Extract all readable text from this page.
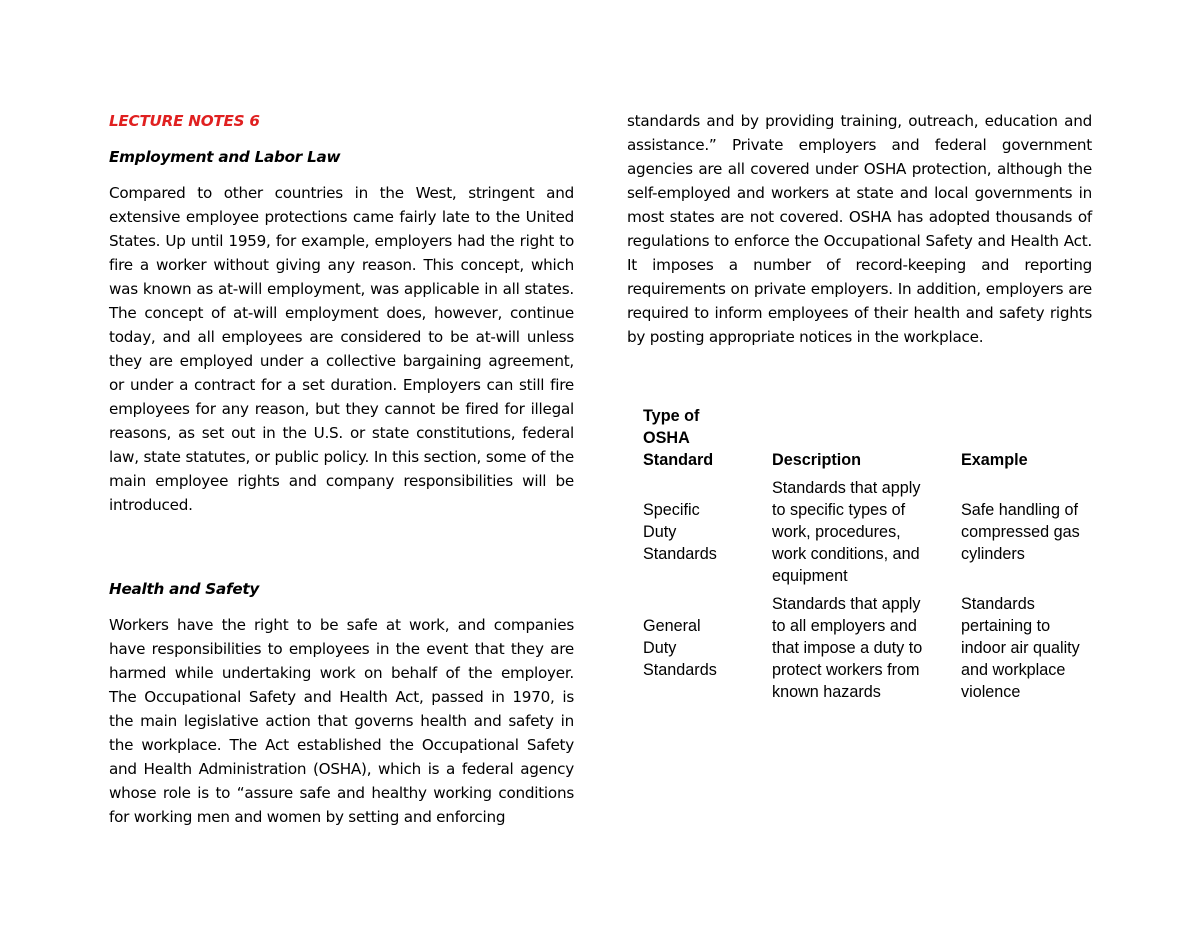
LECTURE NOTES 6
Employment and Labor Law

Compared to other countries in the West, stringent and extensive employee protections came fairly late to the United States. Up until 1959, for example, employers had the right to fire a worker without giving any reason. This concept, which was known as at-will employment, was applicable in all states. The concept of at-will employment does, however, continue today, and all employees are considered to be at-will unless they are employed under a collective bargaining agreement, or under a contract for a set duration. Employers can still fire employees for any reason, but they cannot be fired for illegal reasons, as set out in the U.S. or state constitutions, federal law, state statutes, or public policy. In this section, some of the main employee rights and company responsibilities will be introduced.

Health and Safety

Workers have the right to be safe at work, and companies have responsibilities to employees in the event that they are harmed while undertaking work on behalf of the employer. The Occupational Safety and Health Act, passed in 1970, is the main legislative action that governs health and safety in the workplace. The Act established the Occupational Safety and Health Administration (OSHA), which is a federal agency whose role is to “assure safe and healthy working conditions for working men and women by setting and enforcing

standards and by providing training, outreach, education and assistance.” Private employers and federal government agencies are all covered under OSHA protection, although the self-employed and workers at state and local governments in most states are not covered. OSHA has adopted thousands of regulations to enforce the Occupational Safety and Health Act. It imposes a number of record-keeping and reporting requirements on private employers. In addition, employers are required to inform employees of their health and safety rights by posting appropriate notices in the workplace.

Type of OSHA Standard	Description	Example

Specific Duty Standards	Standards that apply to specific types of work, procedures, work conditions, and equipment	Safe handling of compressed gas cylinders

General Duty Standards	Standards that apply to all employers and that impose a duty to protect workers from known hazards	Standards pertaining to indoor air quality and workplace violence
